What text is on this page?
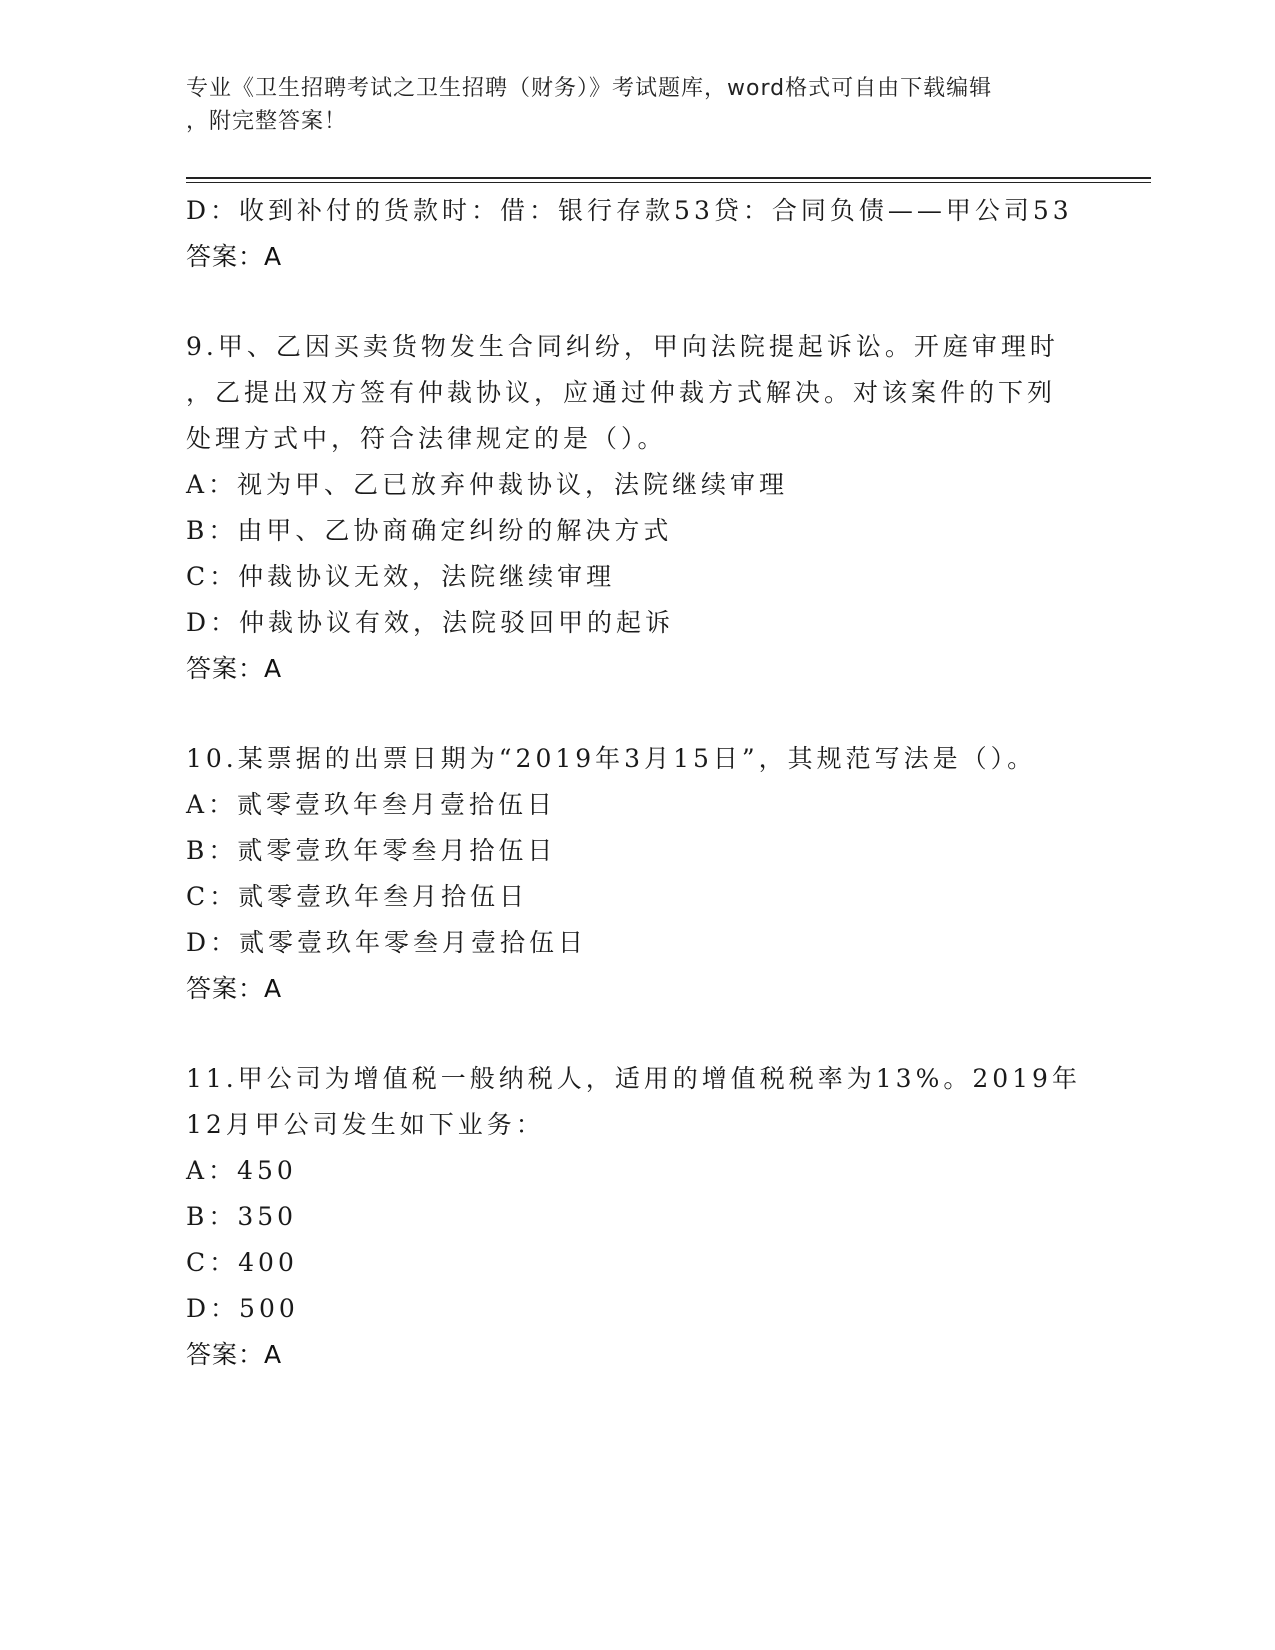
专业《卫生招聘考试之卫生招聘（财务）》考试题库，word格式可自由下载编辑
，附完整答案！
D：收到补付的货款时：借：银行存款53贷：合同负债——甲公司53
答案：A
9.甲、乙因买卖货物发生合同纠纷，甲向法院提起诉讼。开庭审理时
，乙提出双方签有仲裁协议，应通过仲裁方式解决。对该案件的下列
处理方式中，符合法律规定的是（）。
A：视为甲、乙已放弃仲裁协议，法院继续审理
B：由甲、乙协商确定纠纷的解决方式
C：仲裁协议无效，法院继续审理
D：仲裁协议有效，法院驳回甲的起诉
答案：A
10.某票据的出票日期为“2019年3月15日”，其规范写法是（）。
A：贰零壹玖年叁月壹拾伍日
B：贰零壹玖年零叁月拾伍日
C：贰零壹玖年叁月拾伍日
D：贰零壹玖年零叁月壹拾伍日
答案：A
11.甲公司为增值税一般纳税人，适用的增值税税率为13%。2019年
12月甲公司发生如下业务：
A：450
B：350
C：400
D：500
答案：A
